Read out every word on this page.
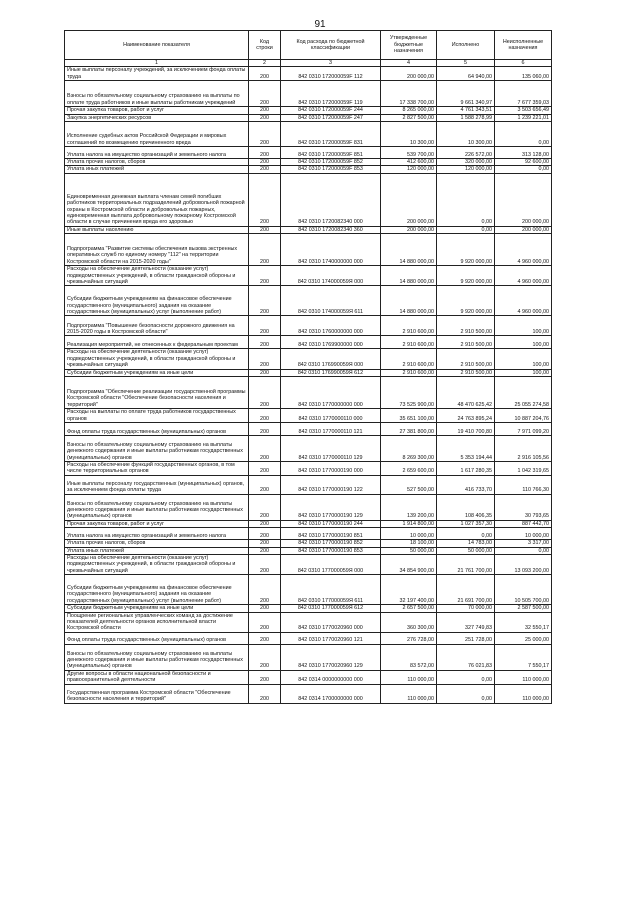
91
Наименование показателя	Код строки	Код расхода по бюджетной классификации	Утвержденные бюджетные назначения	Исполнено	Неисполненные назначения
1	2	3	4	5	6
Иные выплаты персоналу учреждений, за исключением фонда оплаты труда	200	842 0310 172000059F 112	200 000,00	64 940,00	135 060,00
Взносы по обязательному социальному страхованию на выплаты по оплате труда работников и иные выплаты работникам учреждений	200	842 0310 172000059F 119	17 338 700,00	9 661 340,97	7 677 359,03
Прочая закупка товаров, работ и услуг	200	842 0310 172000059F 244	8 265 000,00	4 761 343,51	3 503 656,49
Закупка энергетических ресурсов	200	842 0310 172000059F 247	2 827 500,00	1 588 278,99	1 239 221,01
Исполнение судебных актов Российской Федерации и мировых соглашений по возмещению причиненного вреда	200	842 0310 172000059F 831	10 300,00	10 300,00	0,00
Уплата налога на имущество организаций и земельного налога	200	842 0310 172000059F 851	539 700,00	226 572,00	313 128,00
Уплата прочих налогов, сборов	200	842 0310 172000059F 852	412 600,00	320 000,00	92 600,00
Уплата иных платежей	200	842 0310 172000059F 853	120 000,00	120 000,00	0,00
Единовременная денежная выплата членам семей погибших работников территориальных подразделений добровольной пожарной охраны в Костромской области и добровольных пожарных, единовременная выплата добровольному пожарному Костромской области в случае причинения вреда его здоровью	200	842 0310 1720082340 000	200 000,00	0,00	200 000,00
Иные выплаты населению	200	842 0310 1720082340 360	200 000,00	0,00	200 000,00
Подпрограмма "Развитие системы обеспечения вызова экстренных оперативных служб по единому номеру "112" на территории Костромской области на 2015-2020 годы"	200	842 0310 1740000000 000	14 880 000,00	9 920 000,00	4 960 000,00
Расходы на обеспечение деятельности (оказание услуг) подведомственных учреждений, в области гражданской обороны и чрезвычайных ситуаций	200	842 0310 174000059Я 000	14 880 000,00	9 920 000,00	4 960 000,00
Субсидии бюджетным учреждениям на финансовое обеспечение государственного (муниципального) задания на оказание государственных (муниципальных) услуг (выполнение работ)	200	842 0310 174000059Я 611	14 880 000,00	9 920 000,00	4 960 000,00
Подпрограмма "Повышение безопасности дорожного движения на 2015-2020 годы в Костромской области"	200	842 0310 1760000000 000	2 910 600,00	2 910 500,00	100,00
Реализация мероприятий, не отнесенных к федеральным проектам	200	842 0310 1769900000 000	2 910 600,00	2 910 500,00	100,00
Расходы на обеспечение деятельности (оказание услуг) подведомственных учреждений, в области гражданской обороны и чрезвычайных ситуаций	200	842 0310 176990059Я 000	2 910 600,00	2 910 500,00	100,00
Субсидии бюджетным учреждениям на иные цели	200	842 0310 176990059Я 612	2 910 600,00	2 910 500,00	100,00
Подпрограмма "Обеспечение реализации государственной программы Костромской области "Обеспечение безопасности населения и территорий"	200	842 0310 1770000000 000	73 525 900,00	48 470 625,42	25 055 274,58
Расходы на выплаты по оплате труда работников государственных органов	200	842 0310 1770000110 000	35 651 100,00	24 763 895,24	10 887 204,76
Фонд оплаты труда государственных (муниципальных) органов	200	842 0310 1770000110 121	27 381 800,00	19 410 700,80	7 971 099,20
Взносы по обязательному социальному страхованию на выплаты денежного содержания и иные выплаты работникам государственных (муниципальных) органов	200	842 0310 1770000110 129	8 269 300,00	5 353 194,44	2 916 105,56
Расходы на обеспечение функций государственных органов, в том числе территориальных органов	200	842 0310 1770000190 000	2 659 600,00	1 617 280,35	1 042 319,65
Иные выплаты персоналу государственных (муниципальных) органов, за исключением фонда оплаты труда	200	842 0310 1770000190 122	527 500,00	416 733,70	110 766,30
Взносы по обязательному социальному страхованию на выплаты денежного содержания и иные выплаты работникам государственных (муниципальных) органов	200	842 0310 1770000190 129	139 200,00	108 406,35	30 793,65
Прочая закупка товаров, работ и услуг	200	842 0310 1770000190 244	1 914 800,00	1 027 357,30	887 442,70
Уплата налога на имущество организаций и земельного налога	200	842 0310 1770000190 851	10 000,00	0,00	10 000,00
Уплата прочих налогов, сборов	200	842 0310 1770000190 852	18 100,00	14 783,00	3 317,00
Уплата иных платежей	200	842 0310 1770000190 853	50 000,00	50 000,00	0,00
Расходы на обеспечение деятельности (оказание услуг) подведомственных учреждений, в области гражданской обороны и чрезвычайных ситуаций	200	842 0310 177000059Я 000	34 854 900,00	21 761 700,00	13 093 200,00
Субсидии бюджетным учреждениям на финансовое обеспечение государственного (муниципального) задания на оказание государственных (муниципальных) услуг (выполнение работ)	200	842 0310 177000059Я 611	32 197 400,00	21 691 700,00	10 505 700,00
Субсидии бюджетным учреждениям на иные цели	200	842 0310 177000059Я 612	2 657 500,00	70 000,00	2 587 500,00
Поощрение региональных управленческих команд за достижение показателей деятельности органов исполнительной власти Костромской области	200	842 0310 1770020960 000	360 300,00	327 749,83	32 550,17
Фонд оплаты труда государственных (муниципальных) органов	200	842 0310 1770020960 121	276 728,00	251 728,00	25 000,00
Взносы по обязательному социальному страхованию на выплаты денежного содержания и иные выплаты работникам государственных (муниципальных) органов	200	842 0310 1770020960 129	83 572,00	76 021,83	7 550,17
Другие вопросы в области национальной безопасности и правоохранительной деятельности	200	842 0314 0000000000 000	110 000,00	0,00	110 000,00
Государственная программа Костромской области "Обеспечение безопасности населения и территорий"	200	842 0314 1700000000 000	110 000,00	0,00	110 000,00
